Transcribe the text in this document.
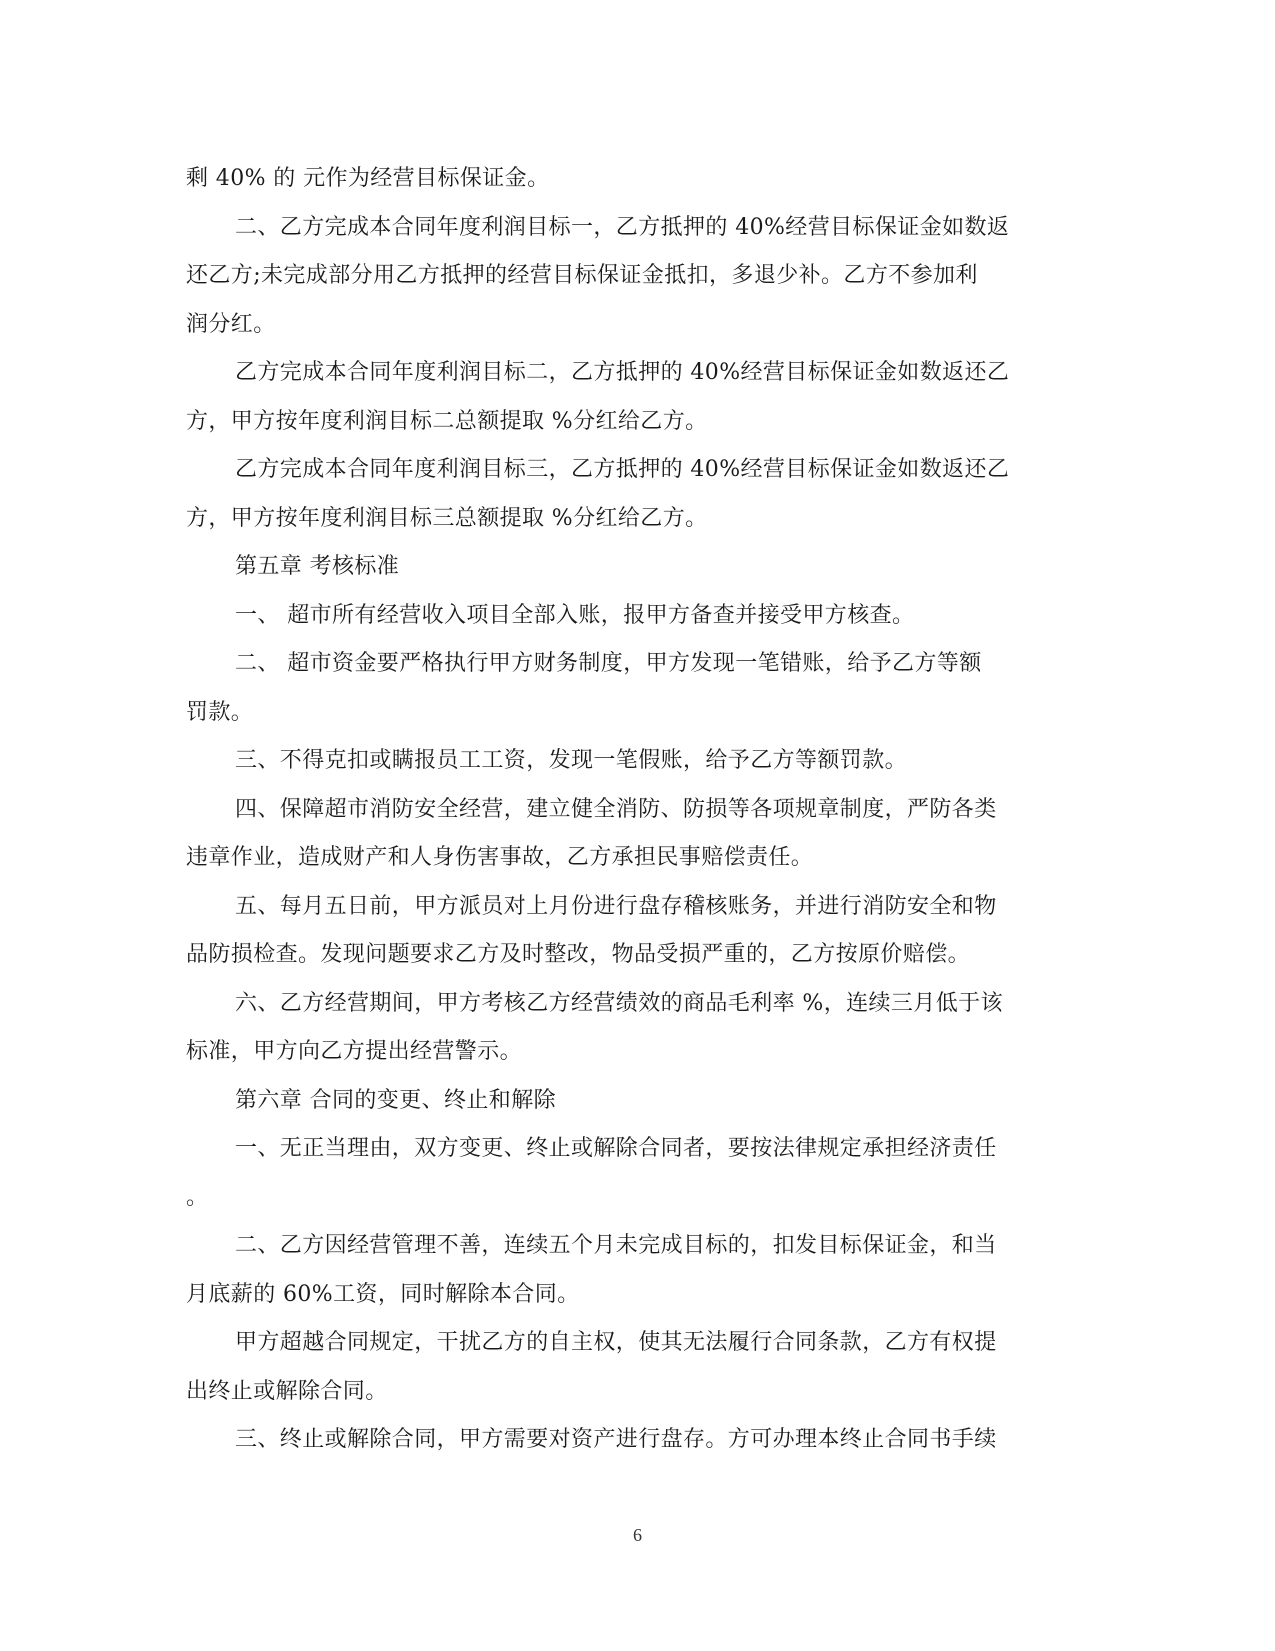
剩 40% 的 元作为经营目标保证金。
二、乙方完成本合同年度利润目标一，乙方抵押的 40%经营目标保证金如数返
还乙方;未完成部分用乙方抵押的经营目标保证金抵扣，多退少补。乙方不参加利
润分红。
乙方完成本合同年度利润目标二，乙方抵押的 40%经营目标保证金如数返还乙
方，甲方按年度利润目标二总额提取 %分红给乙方。
乙方完成本合同年度利润目标三，乙方抵押的 40%经营目标保证金如数返还乙
方，甲方按年度利润目标三总额提取 %分红给乙方。
第五章 考核标准
一、 超市所有经营收入项目全部入账，报甲方备查并接受甲方核查。
二、 超市资金要严格执行甲方财务制度，甲方发现一笔错账，给予乙方等额
罚款。
三、不得克扣或瞒报员工工资，发现一笔假账，给予乙方等额罚款。
四、保障超市消防安全经营，建立健全消防、防损等各项规章制度，严防各类
违章作业，造成财产和人身伤害事故，乙方承担民事赔偿责任。
五、每月五日前，甲方派员对上月份进行盘存稽核账务，并进行消防安全和物
品防损检查。发现问题要求乙方及时整改，物品受损严重的，乙方按原价赔偿。
六、乙方经营期间，甲方考核乙方经营绩效的商品毛利率 %，连续三月低于该
标准，甲方向乙方提出经营警示。
第六章 合同的变更、终止和解除
一、无正当理由，双方变更、终止或解除合同者，要按法律规定承担经济责任
。
二、乙方因经营管理不善，连续五个月未完成目标的，扣发目标保证金，和当
月底薪的 60%工资，同时解除本合同。
甲方超越合同规定，干扰乙方的自主权，使其无法履行合同条款，乙方有权提
出终止或解除合同。
三、终止或解除合同，甲方需要对资产进行盘存。方可办理本终止合同书手续
6
